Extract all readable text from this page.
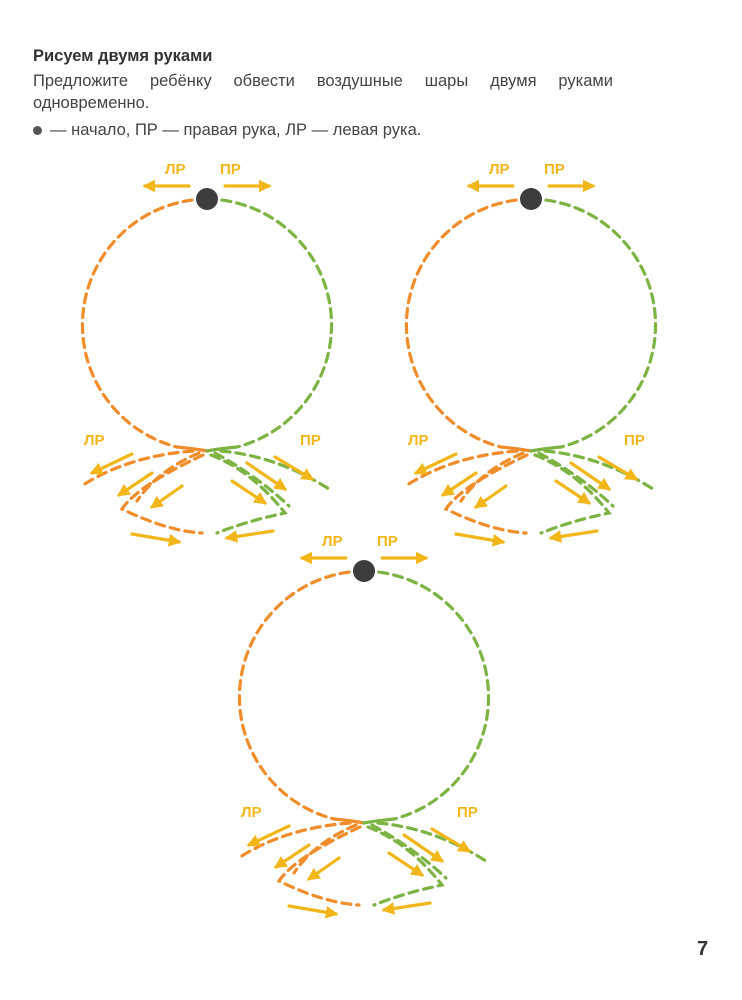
Рисуем двумя руками
Предложите ребёнку обвести воздушные шары двумя руками одновременно.
— начало, ПР — правая рука, ЛР — левая рука.
ЛР	ПР
ЛР ПР
ЛР	ПР
ЛР ПР
ЛР	ПР
ЛР ПР
7
